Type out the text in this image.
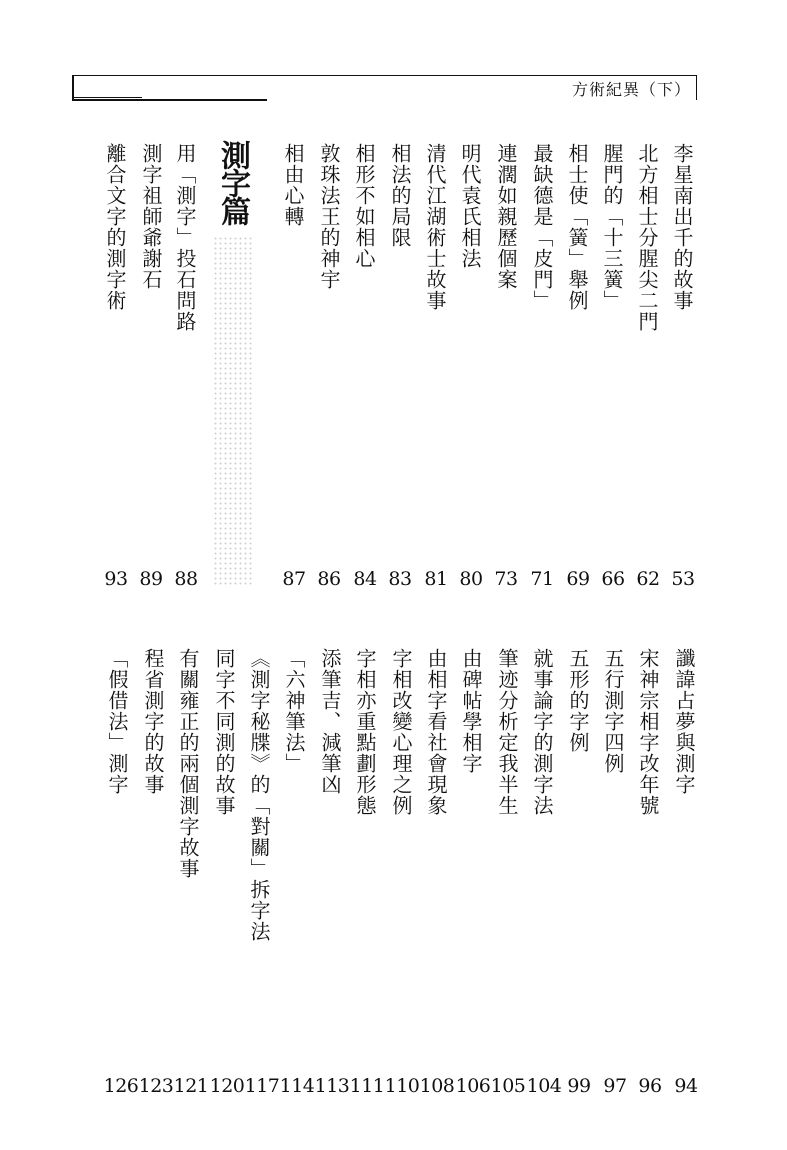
方術紀異（下）
測字篇	李星南出千的故事
53
北方相士分腥尖二門
62
腥門的「十三簧」
66
相士使「簧」舉例
69
最缺德是「皮門」
71
連濶如親歷個案
73
明代袁氏相法
80
清代江湖術士故事
81
相法的局限
83
相形不如相心
84
敦珠法王的神宇
86
相由心轉
87
用「測字」投石問路
88
測字祖師爺謝石
89
離合文字的測字術
93
讖諱占夢與測字
94
宋神宗相字改年號
96
五行測字四例
97
五形的字例
99
就事論字的測字法
104
筆迹分析定我半生
105
由碑帖學相字
106
由相字看社會現象
108
字相改變心理之例
110
字相亦重點劃形態
111
添筆吉、減筆凶
113
「六神筆法」
114
《測字秘牒》的「對關」拆字法
117
同字不同測的故事
120
有關雍正的兩個測字故事
121
程省測字的故事
123
「假借法」測字
126
